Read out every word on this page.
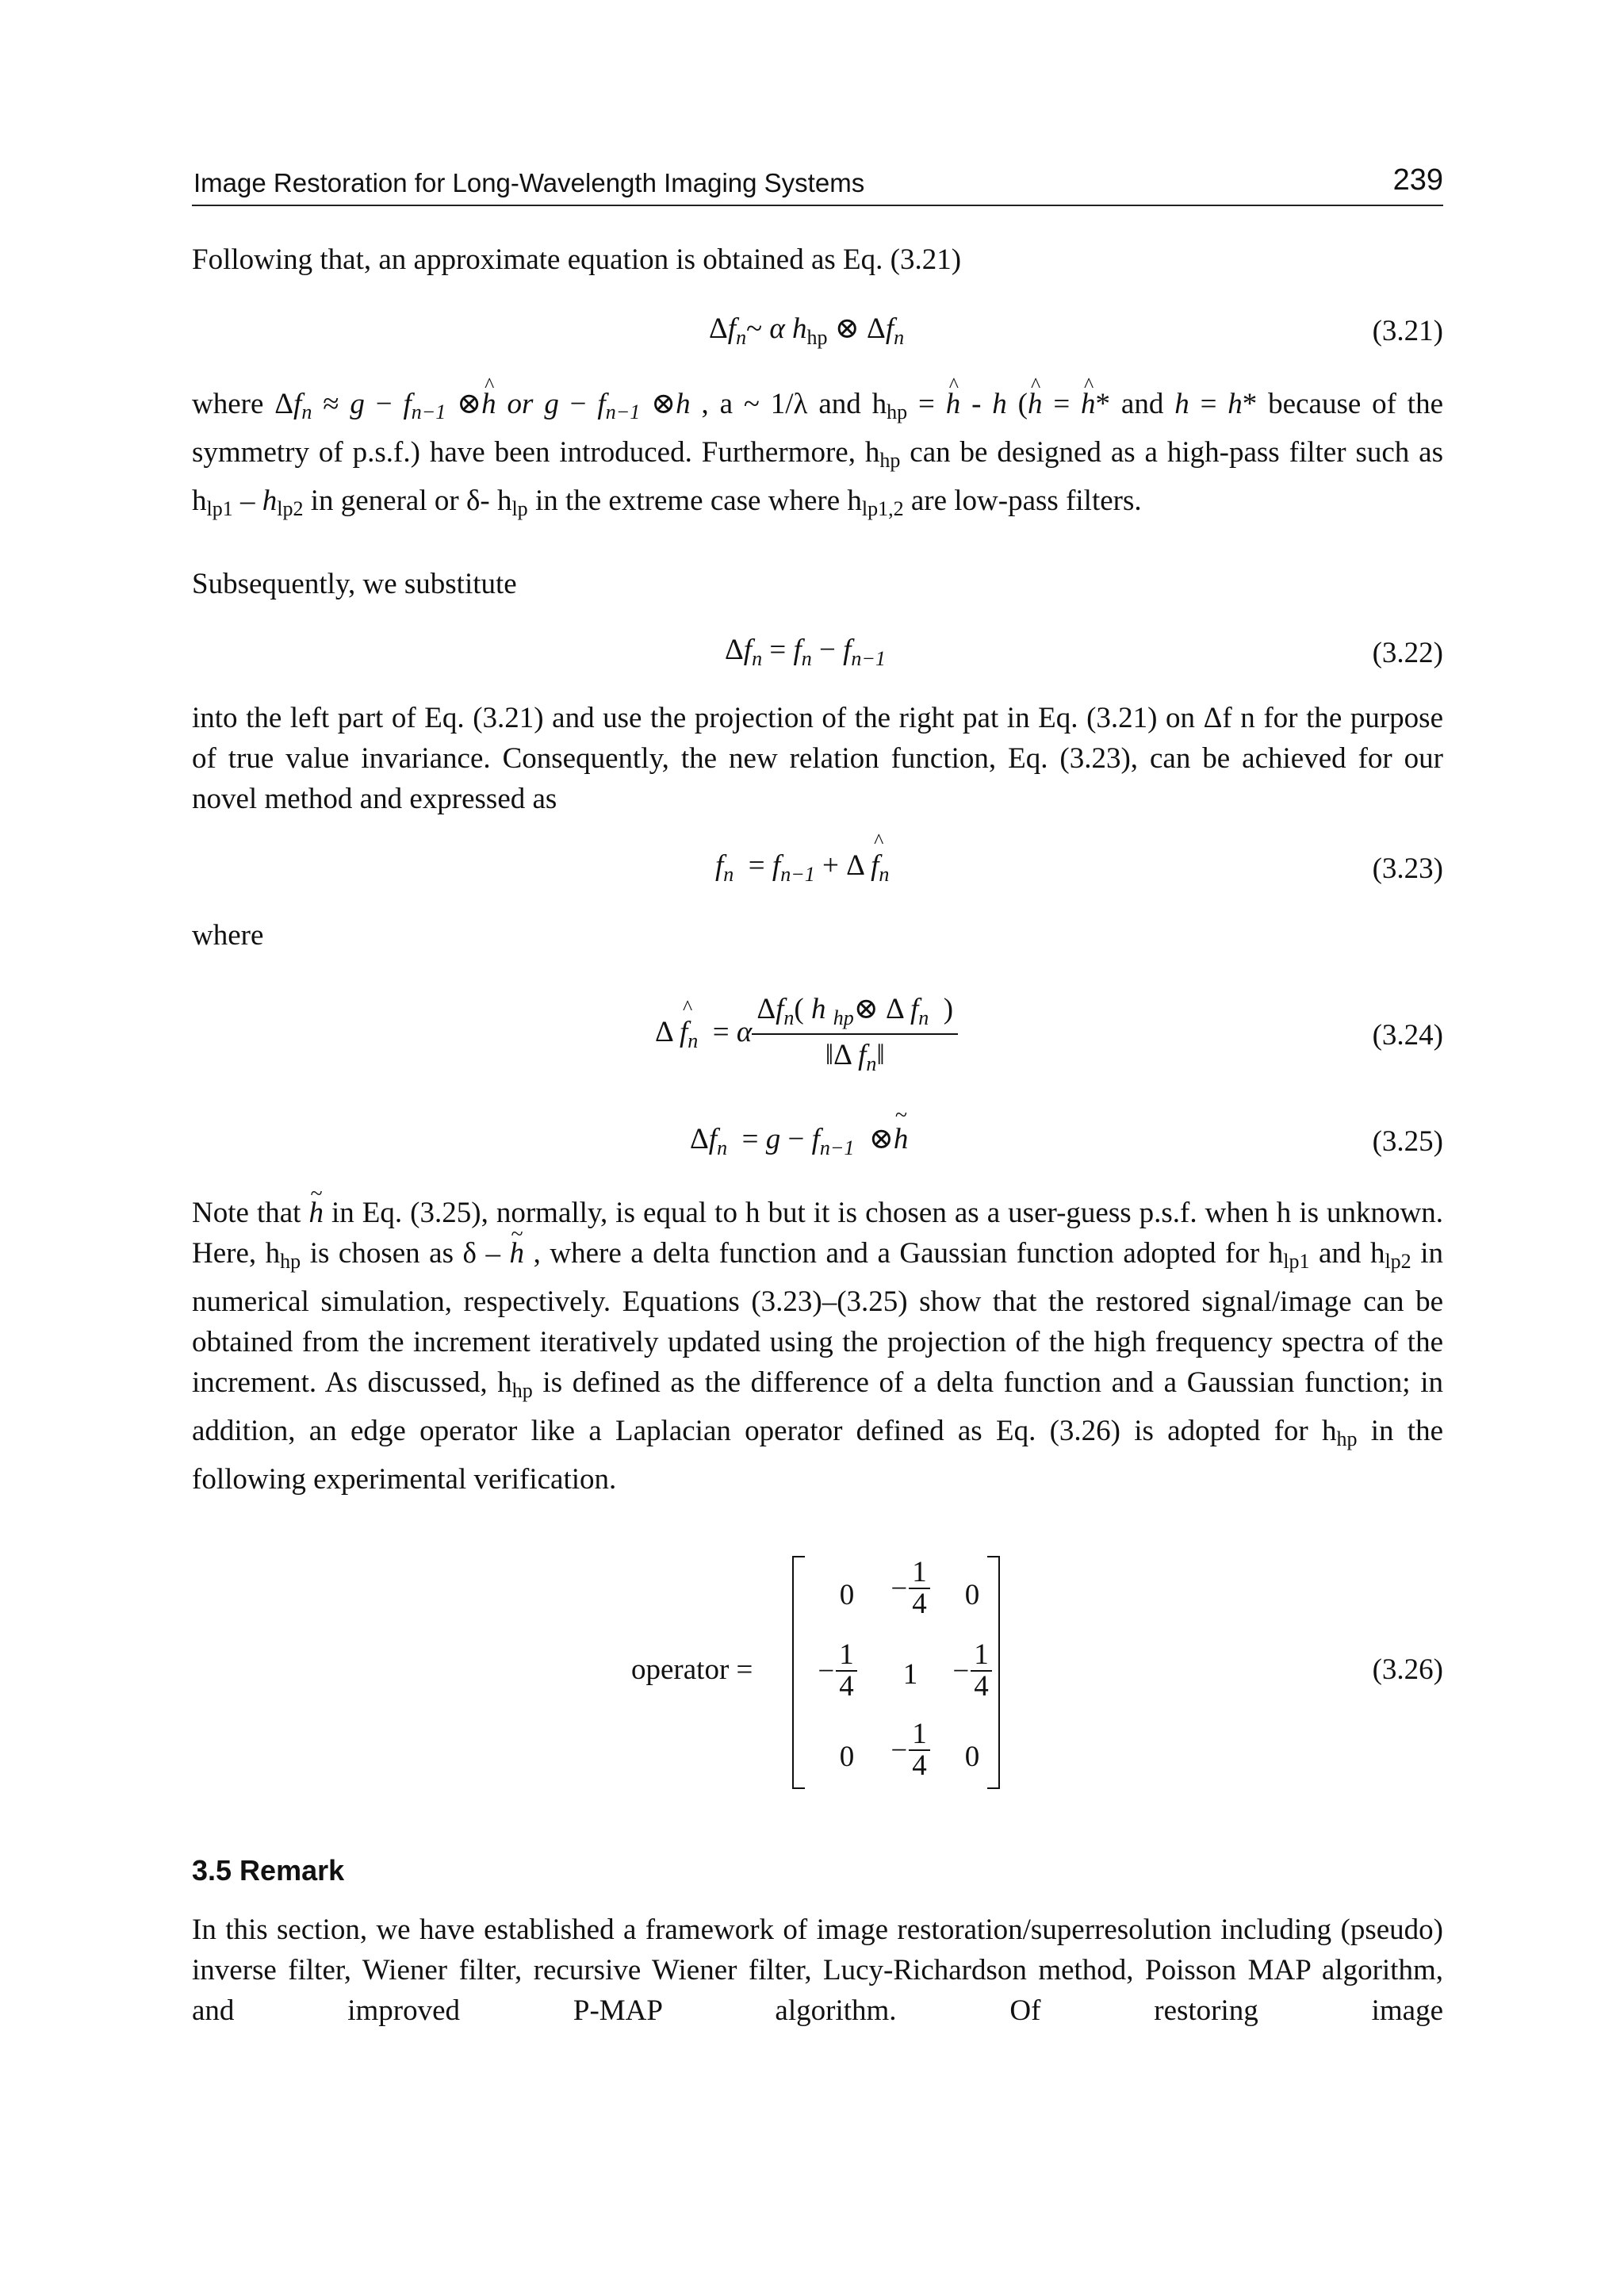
Image Restoration for Long-Wavelength Imaging Systems	239
Following that, an approximate equation is obtained as Eq. (3.21)
$\Delta f_n\sim$ α $h_{hp}$ ⊗ $\Delta f_n$	(3.21)
where Δfn ≈ g − fn−1 ⊗h ^ or g − fn−1 ⊗h , a ~ 1/λ and hhp = h ^ - h (h ^ = h ^* and h = h* because of the symmetry of p.s.f.) have been introduced. Furthermore, hhp can be designed as a high-pass filter such as hlp1 – hlp2 in general or δ- hlp in the extreme case where hlp1,2 are low-pass filters.
Subsequently, we substitute
$\Delta f_n = f_n - f_{n-1}$	(3.22)
into the left part of Eq. (3.21) and use the projection of the right pat in Eq. (3.21) on Δf n for the purpose of true value invariance. Consequently, the new relation function, Eq. (3.23), can be achieved for our novel method and expressed as
$f_n = f_{n-1} + \Delta$ f $\^{}_n$	(3.23)
where
Δ f $\^{}_n = \alpha \frac{\Delta f_n( h _{hp}\otimes \Delta f_n )}{‖\Delta f_n‖}$	(3.24)
$\Delta f_n = g - f_{n-1}$  ⊗h ~	(3.25)
Note that h ~ in Eq. (3.25), normally, is equal to h but it is chosen as a user-guess p.s.f. when h is unknown. Here, hhp is chosen as δ – h ~ , where a delta function and a Gaussian function adopted for hlp1 and hlp2 in numerical simulation, respectively. Equations (3.23)–(3.25) show that the restored signal/image can be obtained from the increment iteratively updated using the projection of the high frequency spectra of the increment. As discussed, hhp is defined as the difference of a delta function and a Gaussian function; in addition, an edge operator like a Laplacian operator defined as Eq. (3.26) is adopted for hhp in the following experimental verification.
operator =
0	− $\frac{1}{4}$	0
− $\frac{1}{4}$	1	− $\frac{1}{4}$
0	− $\frac{1}{4}$	0
(3.26)
3.5 Remark
In this section, we have established a framework of image restoration/superresolution including (pseudo) inverse filter, Wiener filter, recursive Wiener filter, Lucy-Richardson method, Poisson MAP algorithm, and improved P-MAP algorithm. Of restoring image
